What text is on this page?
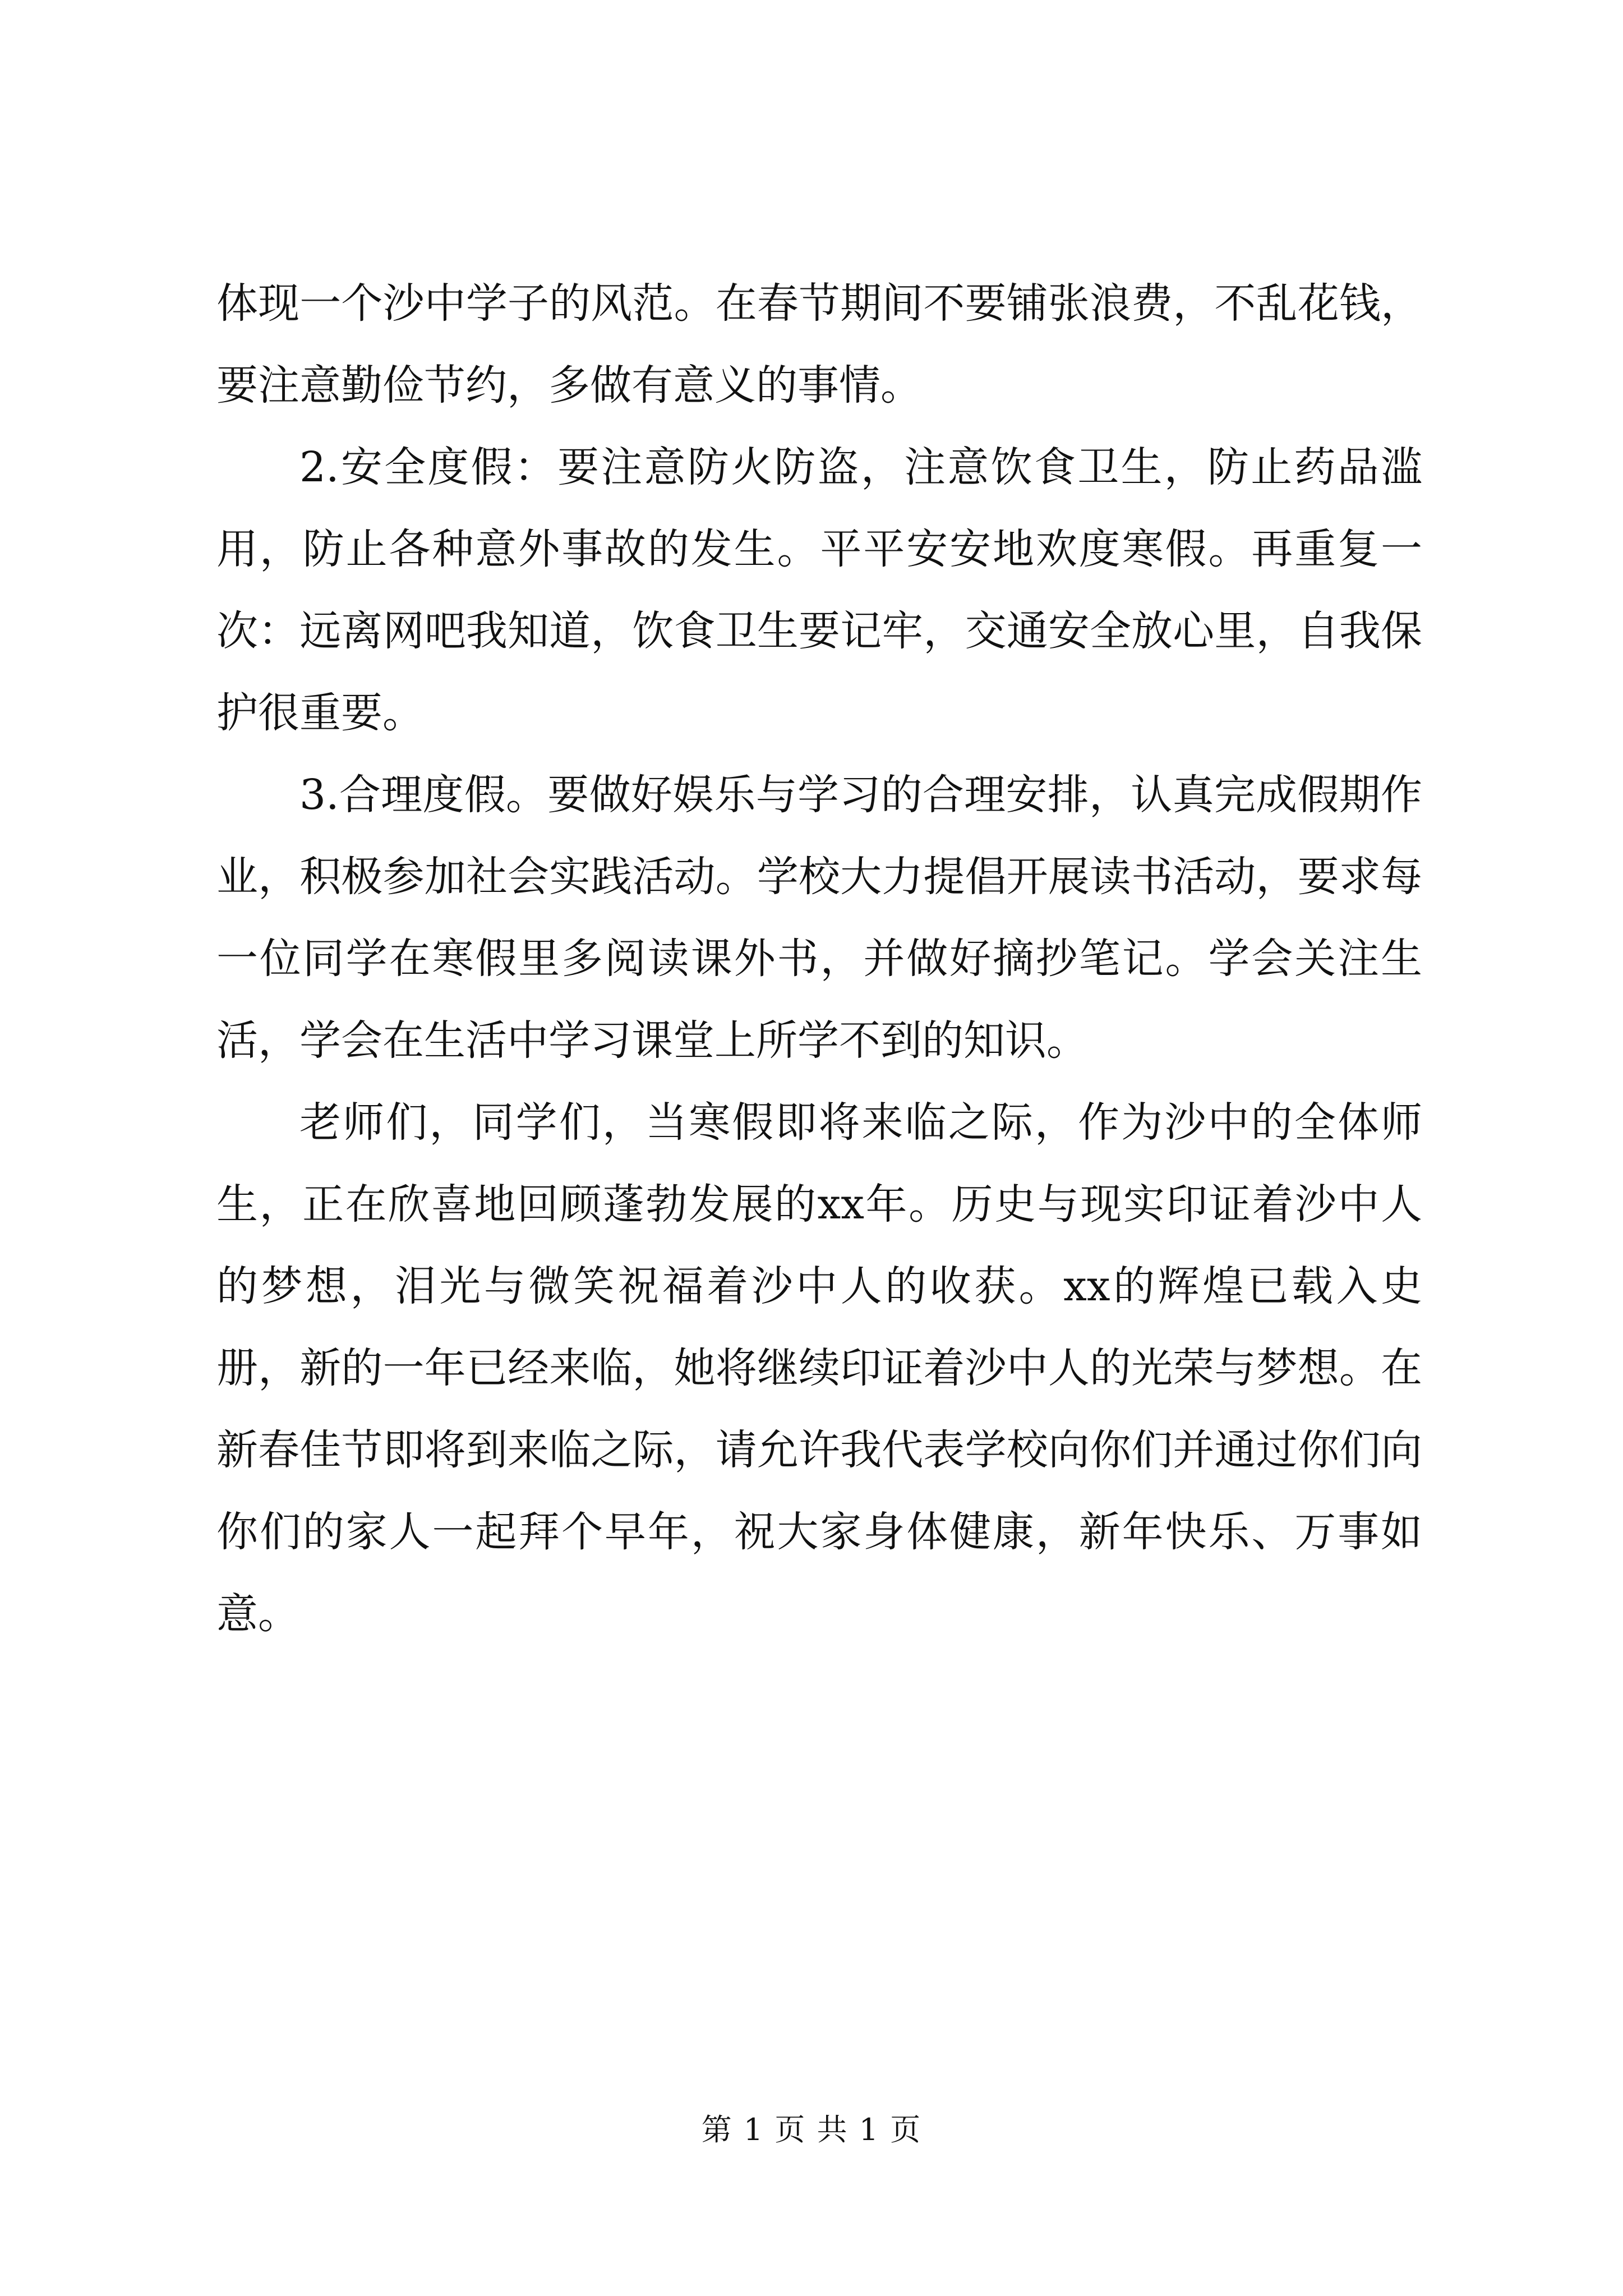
体现一个沙中学子的风范。在春节期间不要铺张浪费，不乱花钱，要注意勤俭节约，多做有意义的事情。

2.安全度假：要注意防火防盗，注意饮食卫生，防止药品滥用，防止各种意外事故的发生。平平安安地欢度寒假。再重复一次：远离网吧我知道，饮食卫生要记牢，交通安全放心里，自我保护很重要。

3.合理度假。要做好娱乐与学习的合理安排，认真完成假期作业，积极参加社会实践活动。学校大力提倡开展读书活动，要求每一位同学在寒假里多阅读课外书，并做好摘抄笔记。学会关注生活，学会在生活中学习课堂上所学不到的知识。

老师们，同学们，当寒假即将来临之际，作为沙中的全体师生，正在欣喜地回顾蓬勃发展的xx年。历史与现实印证着沙中人的梦想，泪光与微笑祝福着沙中人的收获。xx的辉煌已载入史册，新的一年已经来临，她将继续印证着沙中人的光荣与梦想。在新春佳节即将到来临之际，请允许我代表学校向你们并通过你们向你们的家人一起拜个早年，祝大家身体健康，新年快乐、万事如意。

第 1 页 共 1 页
